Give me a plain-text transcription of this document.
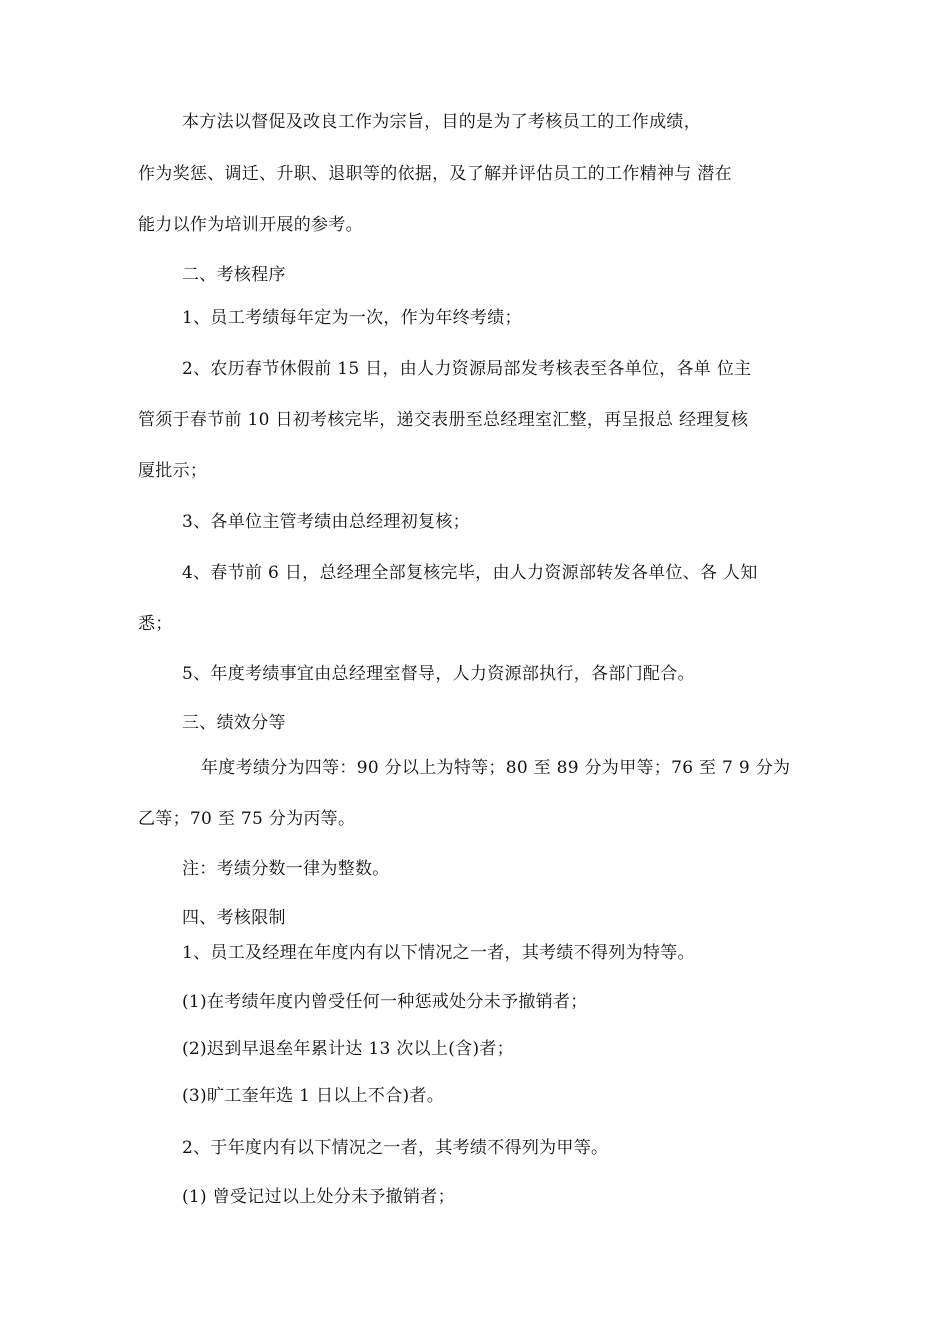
本方法以督促及改良工作为宗旨，目的是为了考核员工的工作成绩，
作为奖惩、调迁、升职、退职等的依据，及了解并评估员工的工作精神与 潜在
能力以作为培训开展的参考。
二、考核程序
1、员工考绩每年定为一次，作为年终考绩；
2、农历春节休假前 15 日，由人力资源局部发考核表至各单位，各单 位主
管须于春节前 10 日初考核完毕，递交表册至总经理室汇整，再呈报总 经理复核
厦批示；
3、各单位主管考绩由总经理初复核；
4、春节前 6 日，总经理全部复核完毕，由人力资源部转发各单位、各 人知
悉；
5、年度考绩事宜由总经理室督导，人力资源部执行，各部门配合。
三、绩效分等
年度考绩分为四等：90 分以上为特等；80 至 89 分为甲等；76 至 7 9 分为
乙等；70 至 75 分为丙等。
注：考绩分数一律为整数。
四、考核限制
1、员工及经理在年度内有以下情况之一者，其考绩不得列为特等。
(1)在考绩年度内曾受任何一种惩戒处分未予撤销者；
(2)迟到早退垒年累计达 13 次以上(含)者；
(3)旷工奎年选 1 日以上不合)者。
2、于年度内有以下情况之一者，其考绩不得列为甲等。
(1) 曾受记过以上处分未予撤销者；
